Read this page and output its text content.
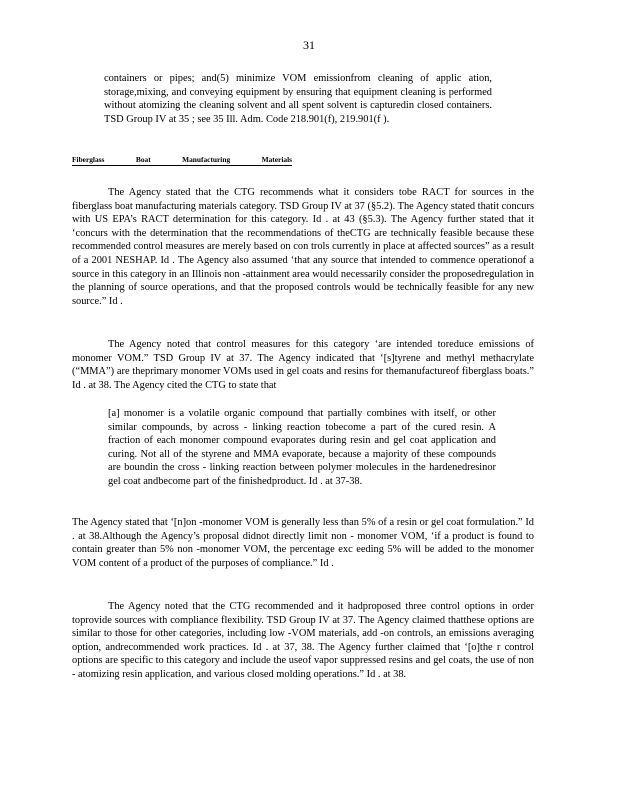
31

containers or pipes; and(5) minimize VOM emissionfrom cleaning of applic ation, storage,mixing, and conveying equipment by ensuring that equipment cleaning is performed without atomizing the cleaning solvent and all spent solvent is capturedin closed containers. TSD Group IV at 35 ; see 35 Ill. Adm. Code 218.901(f), 219.901(f ).

Fiberglass	Boat	Manufacturing	Materials

The Agency stated that the CTG recommends what it considers tobe RACT for sources in the fiberglass boat manufacturing materials category. TSD Group IV at 37 (§5.2). The Agency stated thatit concurs with US EPA’s RACT determination for this category. Id . at 43 (§5.3). The Agency further stated that it ‘concurs with the determination that the recommendations of theCTG are technically feasible because these recommended control measures are merely based on con trols currently in place at affected sources” as a result of a 2001 NESHAP. Id . The Agency also assumed ‘that any source that intended to commence operationof a source in this category in an Illinois non -attainment area would necessarily consider the proposedregulation in the planning of source operations, and that the proposed controls would be technically feasible for any new source.” Id .

The Agency noted that control measures for this category ‘are intended toreduce emissions of monomer VOM.” TSD Group IV at 37. The Agency indicated that ‘[s]tyrene and methyl methacrylate (“MMA”) are theprimary monomer VOMs used in gel coats and resins for themanufactureof fiberglass boats.” Id . at 38. The Agency cited the CTG to state that

[a] monomer is a volatile organic compound that partially combines with itself, or other similar compounds, by across - linking reaction tobecome a part of the cured resin. A fraction of each monomer compound evaporates during resin and gel coat application and curing. Not all of the styrene and MMA evaporate, because a majority of these compounds are boundin the cross - linking reaction between polymer molecules in the hardenedresinor gel coat andbecome part of the finishedproduct. Id . at 37-38.

The Agency stated that ‘[n]on -monomer VOM is generally less than 5% of a resin or gel coat formulation.” Id . at 38.Although the Agency’s proposal didnot directly limit non - monomer VOM, ‘if a product is found to contain greater than 5% non -monomer VOM, the percentage exc eeding 5% will be added to the monomer VOM content of a product of the purposes of compliance.” Id .

The Agency noted that the CTG recommended and it hadproposed three control options in order toprovide sources with compliance flexibility. TSD Group IV at 37. The Agency claimed thatthese options are similar to those for other categories, including low -VOM materials, add -on controls, an emissions averaging option, andrecommended work practices. Id . at 37, 38. The Agency further claimed that ‘[o]the r control options are specific to this category and include the useof vapor suppressed resins and gel coats, the use of non - atomizing resin application, and various closed molding operations.” Id . at 38.
